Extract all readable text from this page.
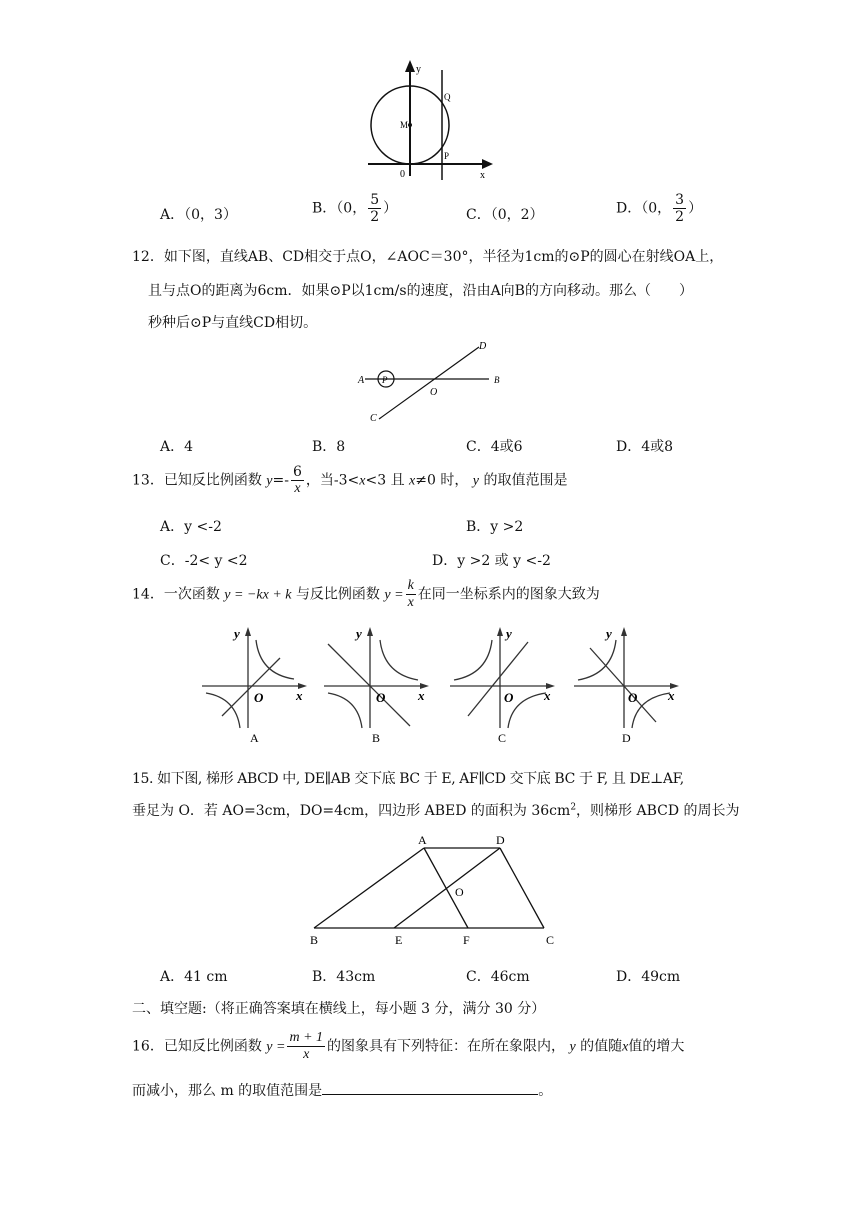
y
x
0
M
Q
P
A．（0，3）	B．（0， $\frac{5}{2}$ ）	C．（0，2）	D．（0， $\frac{3}{2}$ ）
12．如下图，直线AB、CD相交于点O，∠AOC＝30°，半径为1cm的⊙P的圆心在射线OA上，
且与点O的距离为6cm．如果⊙P以1cm/s的速度，沿由A向B的方向移动。那么（　　）
秒种后⊙P与直线CD相切。
A P
O
B
C
D
A．4	B．8	C．4或6	D．4或8
13．已知反比例函数 $y=- \frac{6}{x}$ ，当-3<x<3 且 x≠0 时， y 的取值范围是
A．y <-2	B．y >2
C．-2< y <2	D．y >2 或 y <-2
14．一次函数 y = −kx + k 与反比例函数 $y = \frac{k}{x}$ 在同一坐标系内的图象大致为
y
x
O
A
y
x
O
B
y
x
O
C
y
x
O
D
15. 如下图, 梯形 ABCD 中, DE∥AB 交下底 BC 于 E, AF∥CD 交下底 BC 于 F, 且 DE⊥AF,
垂足为 O．若 AO=3cm，DO=4cm，四边形 ABED 的面积为 $36cm^2$，则梯形 ABCD 的周长为
A	D
O
B	E	F	C
A．41 cm	B．43cm	C．46cm	D．49cm
二、填空题:（将正确答案填在横线上，每小题 3 分，满分 30 分）
16．已知反比例函数 $y = \frac{m + 1}{x}$ 的图象具有下列特征：在所在象限内， y 的值随x值的增大
而减小，那么 m 的取值范围是	。
